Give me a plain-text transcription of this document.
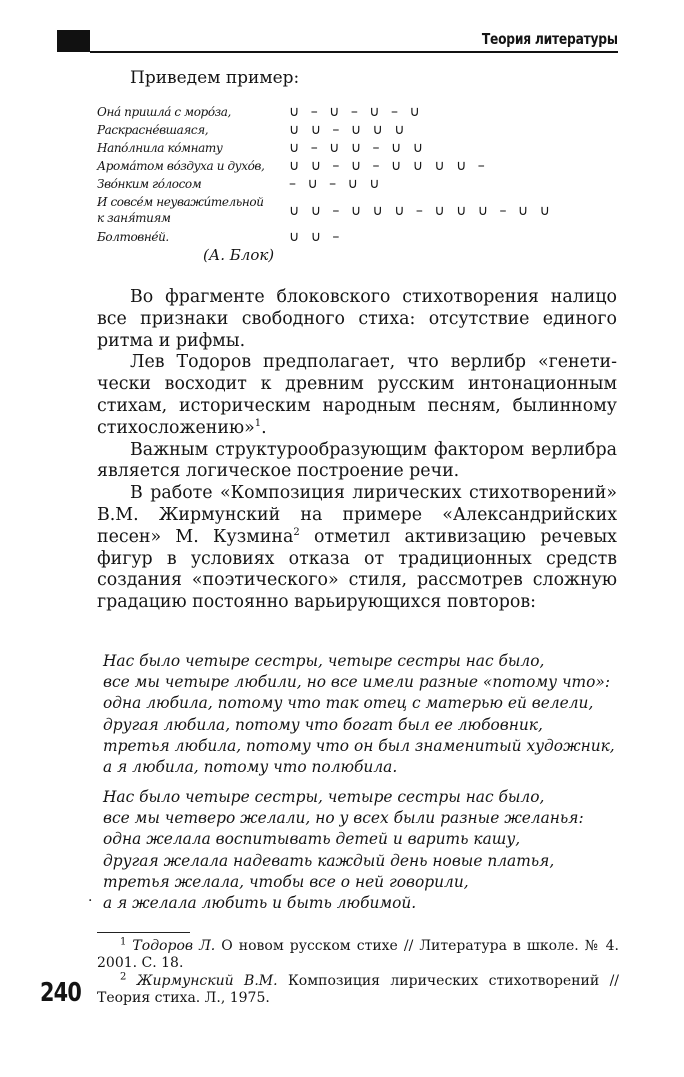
Теория литературы
Приведем пример:
Она́ пришла́ с моро́за,	∪ – ∪ – ∪ – ∪
Раскрасне́вшаяся,	∪ ∪ – ∪ ∪ ∪
Напо́лнила ко́мнату	∪ – ∪ ∪ – ∪ ∪
Арома́том во́здуха и духо́в,	∪ ∪ – ∪ – ∪ ∪ ∪ ∪ –
Зво́нким го́лосом	– ∪ – ∪ ∪
И совсе́м неуважи́тельной
к заня́тиям	∪ ∪ – ∪ ∪ ∪ – ∪ ∪ ∪ – ∪ ∪
Болтовне́й.	∪ ∪ –
(А. Блок)

Во фрагменте блоковского стихотворения налицо все признаки свободного стиха: отсутствие единого ритма и рифмы.

Лев Тодоров предполагает, что верлибр «генетически восходит к древним русским интонационным стихам, историческим народным песням, былинному стихосложению»$^1$.

Важным структурообразующим фактором верлибра является логическое построение речи.

В работе «Композиция лирических стихотворений» В.М. Жирмунский на примере «Александрийских песен» М. Кузмина$^2$ отметил активизацию речевых фигур в условиях отказа от традиционных средств создания «поэтического» стиля, рассмотрев сложную градацию постоянно варьирующихся повторов:

Нас было четыре сестры, четыре сестры нас было,
все мы четыре любили, но все имели разные «потому что»:
одна любила, потому что так отец с матерью ей велели,
другая любила, потому что богат был ее любовник,
третья любила, потому что он был знаменитый художник,
а я любила, потому что полюбила.
Нас было четыре сестры, четыре сестры нас было,
все мы четверо желали, но у всех были разные желанья:
одна желала воспитывать детей и варить кашу,
другая желала надевать каждый день новые платья,
третья желала, чтобы все о ней говорили,
а я желала любить и быть любимой.
·

$^1$ Тодоров Л. О новом русском стихе // Литература в школе. № 4. 2001. С. 18.

$^2$ Жирмунский В.М. Композиция лирических стихотворений // Теория стиха. Л., 1975.

240
